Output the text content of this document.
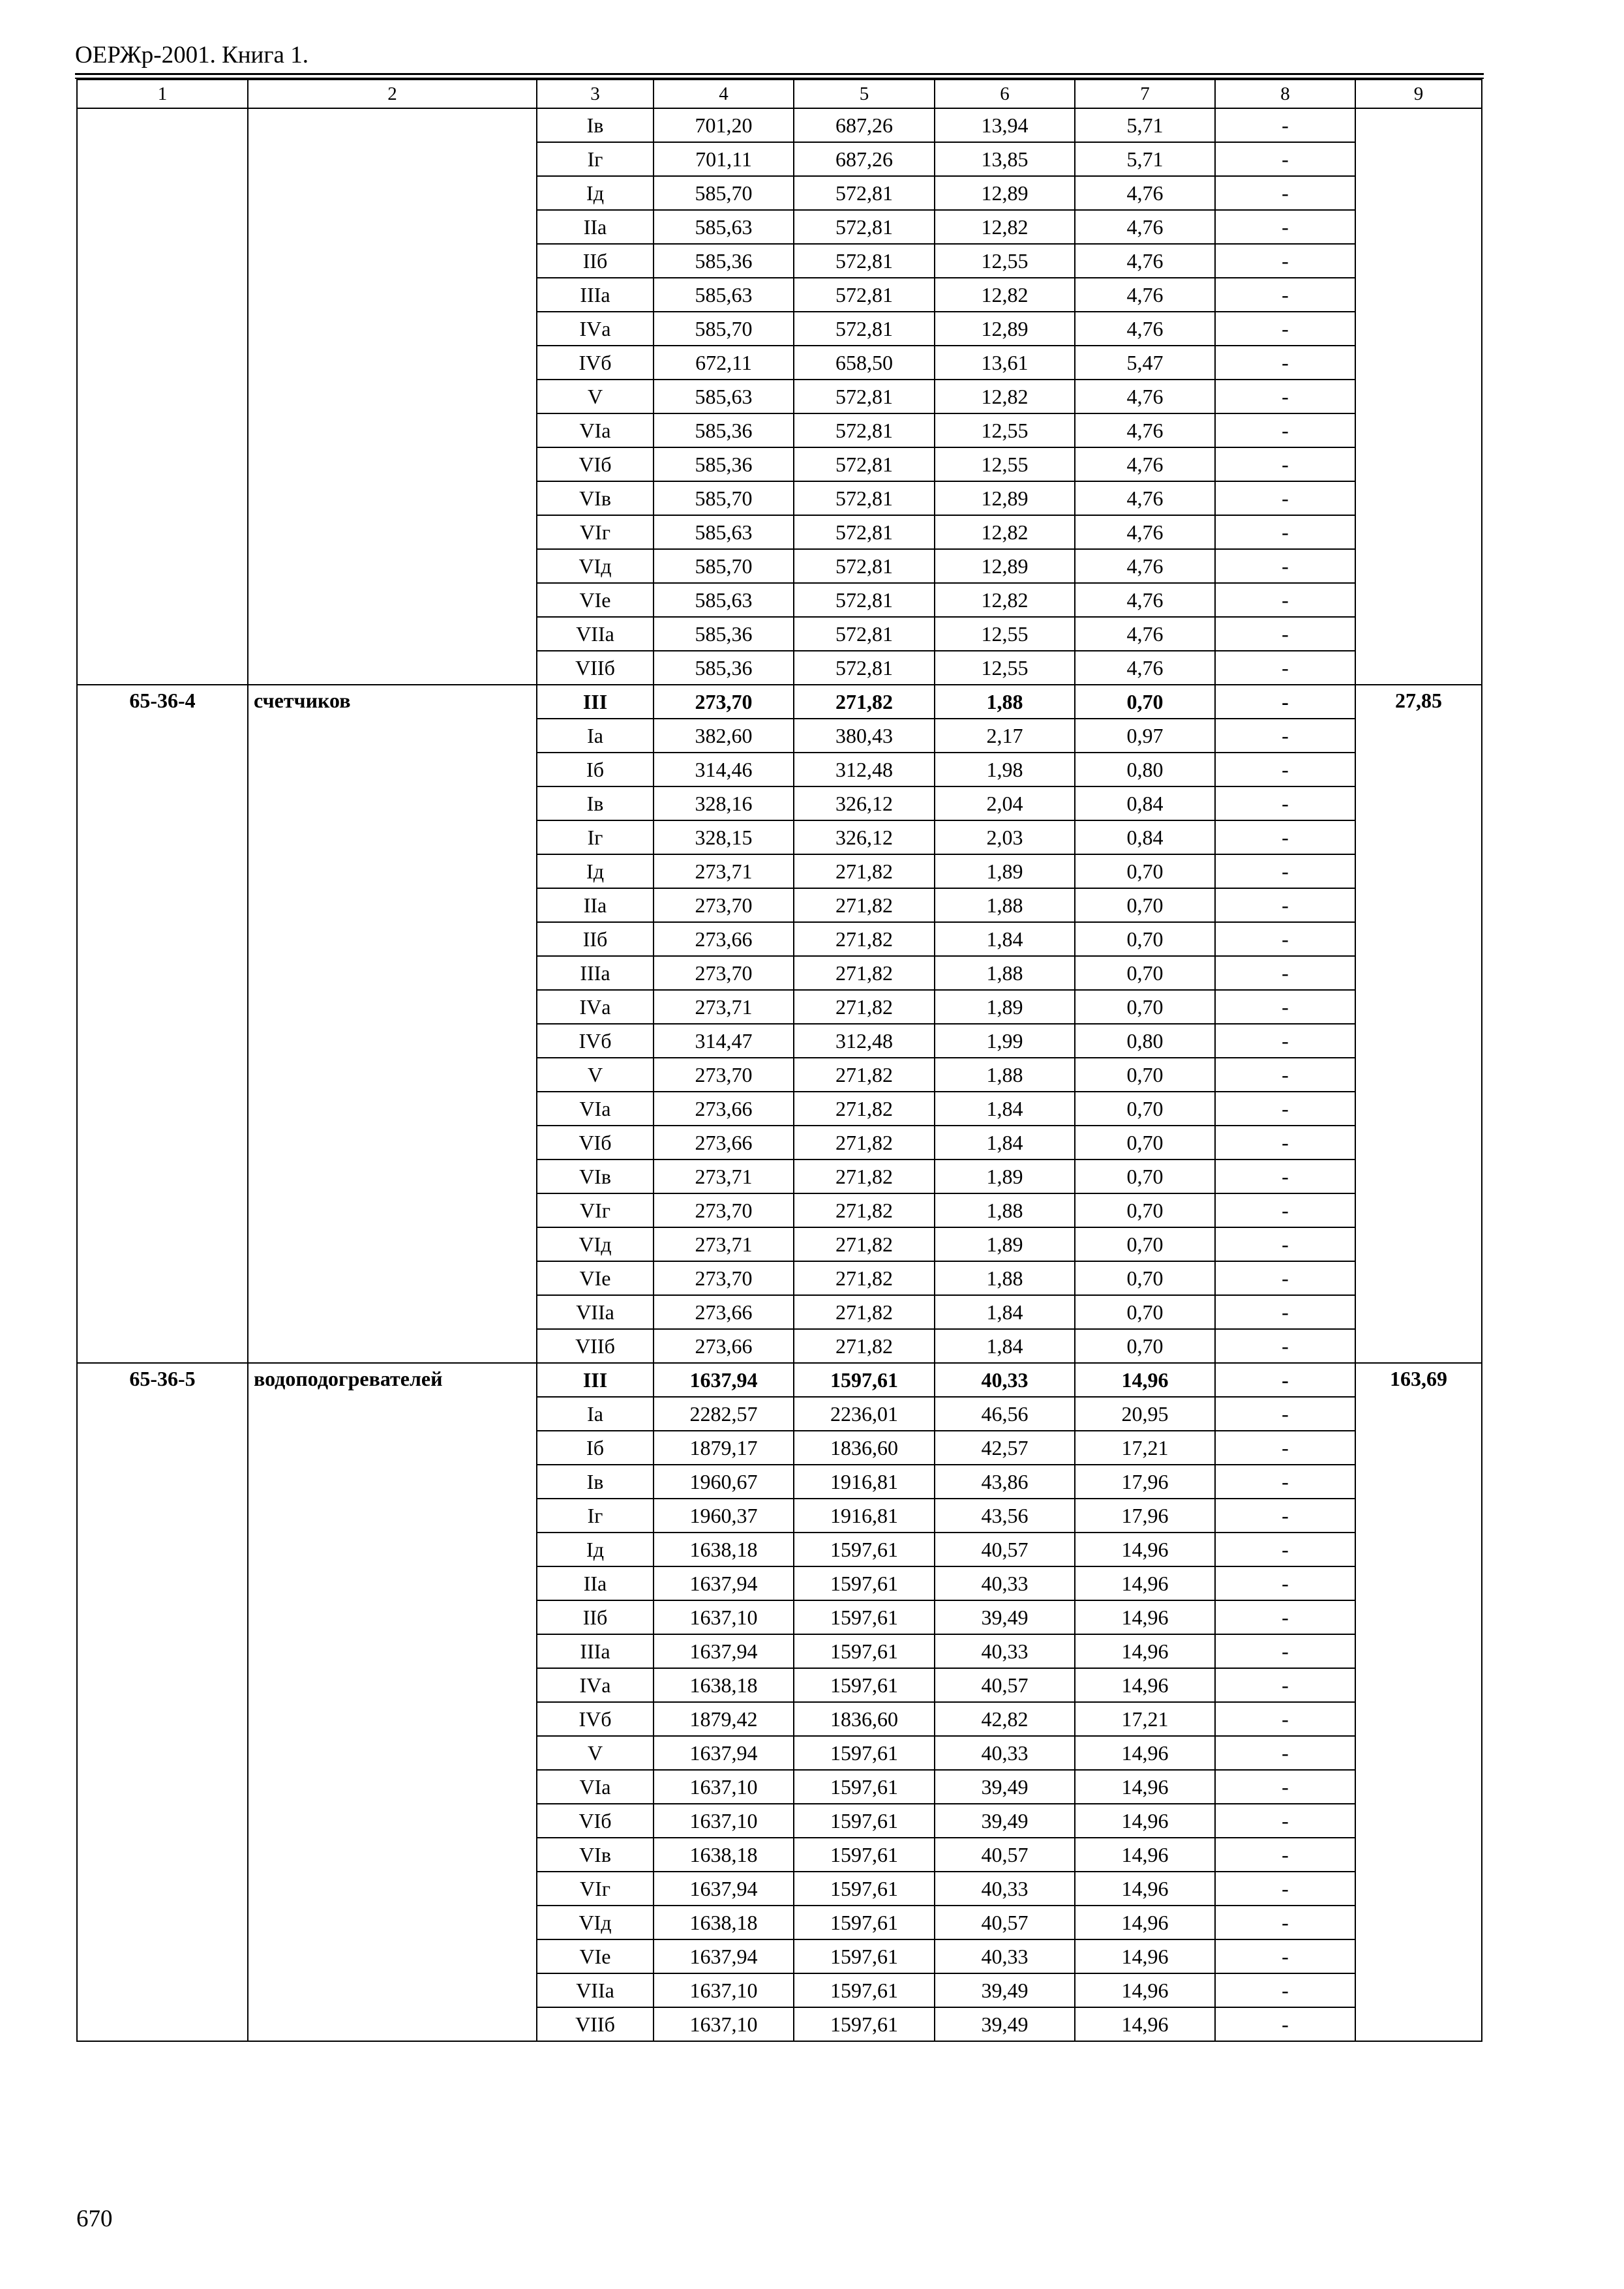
ОЕРЖр-2001. Книга 1.
1	2	3	4	5	6	7	8	9
		Iв	701,20	687,26	13,94	5,71	-	
		Iг	701,11	687,26	13,85	5,71	-	
		Iд	585,70	572,81	12,89	4,76	-	
		IIа	585,63	572,81	12,82	4,76	-	
		IIб	585,36	572,81	12,55	4,76	-	
		IIIа	585,63	572,81	12,82	4,76	-	
		IVа	585,70	572,81	12,89	4,76	-	
		IVб	672,11	658,50	13,61	5,47	-	
		V	585,63	572,81	12,82	4,76	-	
		VIа	585,36	572,81	12,55	4,76	-	
		VIб	585,36	572,81	12,55	4,76	-	
		VIв	585,70	572,81	12,89	4,76	-	
		VIг	585,63	572,81	12,82	4,76	-	
		VIд	585,70	572,81	12,89	4,76	-	
		VIе	585,63	572,81	12,82	4,76	-	
		VIIа	585,36	572,81	12,55	4,76	-	
		VIIб	585,36	572,81	12,55	4,76	-	
65-36-4	счетчиков	III	273,70	271,82	1,88	0,70	-	27,85
		Iа	382,60	380,43	2,17	0,97	-	
		Iб	314,46	312,48	1,98	0,80	-	
		Iв	328,16	326,12	2,04	0,84	-	
		Iг	328,15	326,12	2,03	0,84	-	
		Iд	273,71	271,82	1,89	0,70	-	
		IIа	273,70	271,82	1,88	0,70	-	
		IIб	273,66	271,82	1,84	0,70	-	
		IIIа	273,70	271,82	1,88	0,70	-	
		IVа	273,71	271,82	1,89	0,70	-	
		IVб	314,47	312,48	1,99	0,80	-	
		V	273,70	271,82	1,88	0,70	-	
		VIа	273,66	271,82	1,84	0,70	-	
		VIб	273,66	271,82	1,84	0,70	-	
		VIв	273,71	271,82	1,89	0,70	-	
		VIг	273,70	271,82	1,88	0,70	-	
		VIд	273,71	271,82	1,89	0,70	-	
		VIе	273,70	271,82	1,88	0,70	-	
		VIIа	273,66	271,82	1,84	0,70	-	
		VIIб	273,66	271,82	1,84	0,70	-	
65-36-5	водоподогревателей	III	1637,94	1597,61	40,33	14,96	-	163,69
		Iа	2282,57	2236,01	46,56	20,95	-	
		Iб	1879,17	1836,60	42,57	17,21	-	
		Iв	1960,67	1916,81	43,86	17,96	-	
		Iг	1960,37	1916,81	43,56	17,96	-	
		Iд	1638,18	1597,61	40,57	14,96	-	
		IIа	1637,94	1597,61	40,33	14,96	-	
		IIб	1637,10	1597,61	39,49	14,96	-	
		IIIа	1637,94	1597,61	40,33	14,96	-	
		IVа	1638,18	1597,61	40,57	14,96	-	
		IVб	1879,42	1836,60	42,82	17,21	-	
		V	1637,94	1597,61	40,33	14,96	-	
		VIа	1637,10	1597,61	39,49	14,96	-	
		VIб	1637,10	1597,61	39,49	14,96	-	
		VIв	1638,18	1597,61	40,57	14,96	-	
		VIг	1637,94	1597,61	40,33	14,96	-	
		VIд	1638,18	1597,61	40,57	14,96	-	
		VIе	1637,94	1597,61	40,33	14,96	-	
		VIIа	1637,10	1597,61	39,49	14,96	-	
		VIIб	1637,10	1597,61	39,49	14,96	-	
670
